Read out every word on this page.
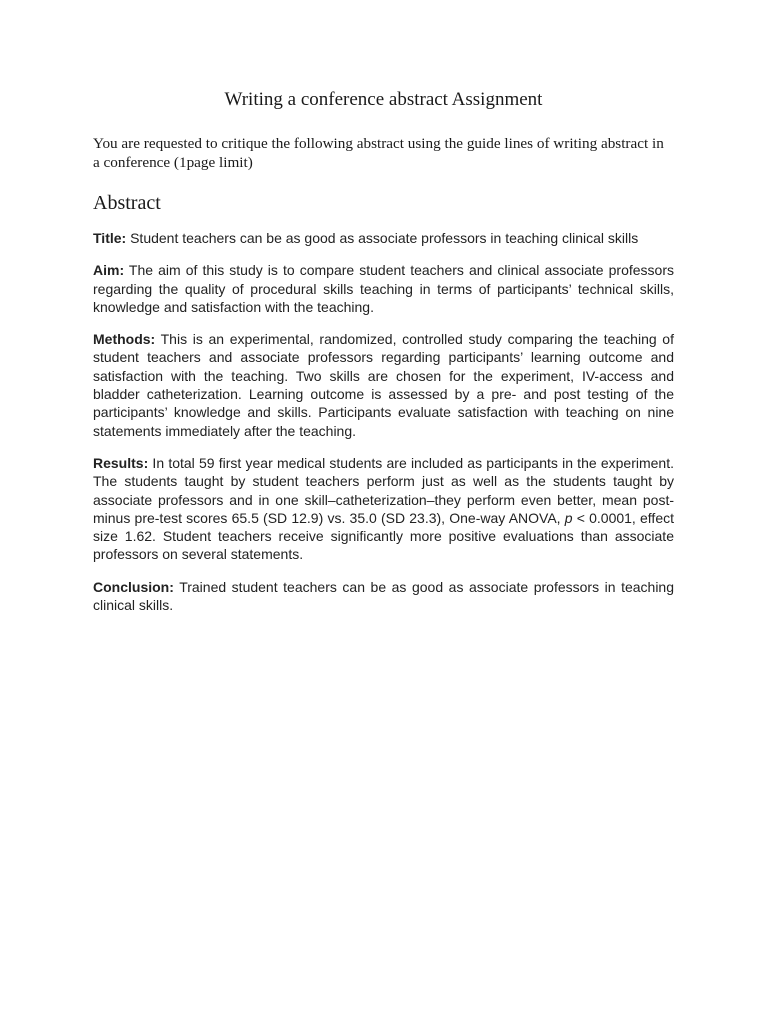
Writing a conference abstract Assignment

You are requested to critique the following abstract using the guide lines of writing abstract in a conference (1page limit)

Abstract

Title: Student teachers can be as good as associate professors in teaching clinical skills

Aim: The aim of this study is to compare student teachers and clinical associate professors regarding the quality of procedural skills teaching in terms of participants’ technical skills, knowledge and satisfaction with the teaching.

Methods: This is an experimental, randomized, controlled study comparing the teaching of student teachers and associate professors regarding participants’ learning outcome and satisfaction with the teaching. Two skills are chosen for the experiment, IV-access and bladder catheterization. Learning outcome is assessed by a pre- and post testing of the participants’ knowledge and skills. Participants evaluate satisfaction with teaching on nine statements immediately after the teaching.

Results: In total 59 first year medical students are included as participants in the experiment. The students taught by student teachers perform just as well as the students taught by associate professors and in one skill–catheterization–they perform even better, mean post- minus pre-test scores 65.5 (SD 12.9) vs. 35.0 (SD 23.3), One-way ANOVA, p < 0.0001, effect size 1.62. Student teachers receive significantly more positive evaluations than associate professors on several statements.

Conclusion: Trained student teachers can be as good as associate professors in teaching clinical skills.
